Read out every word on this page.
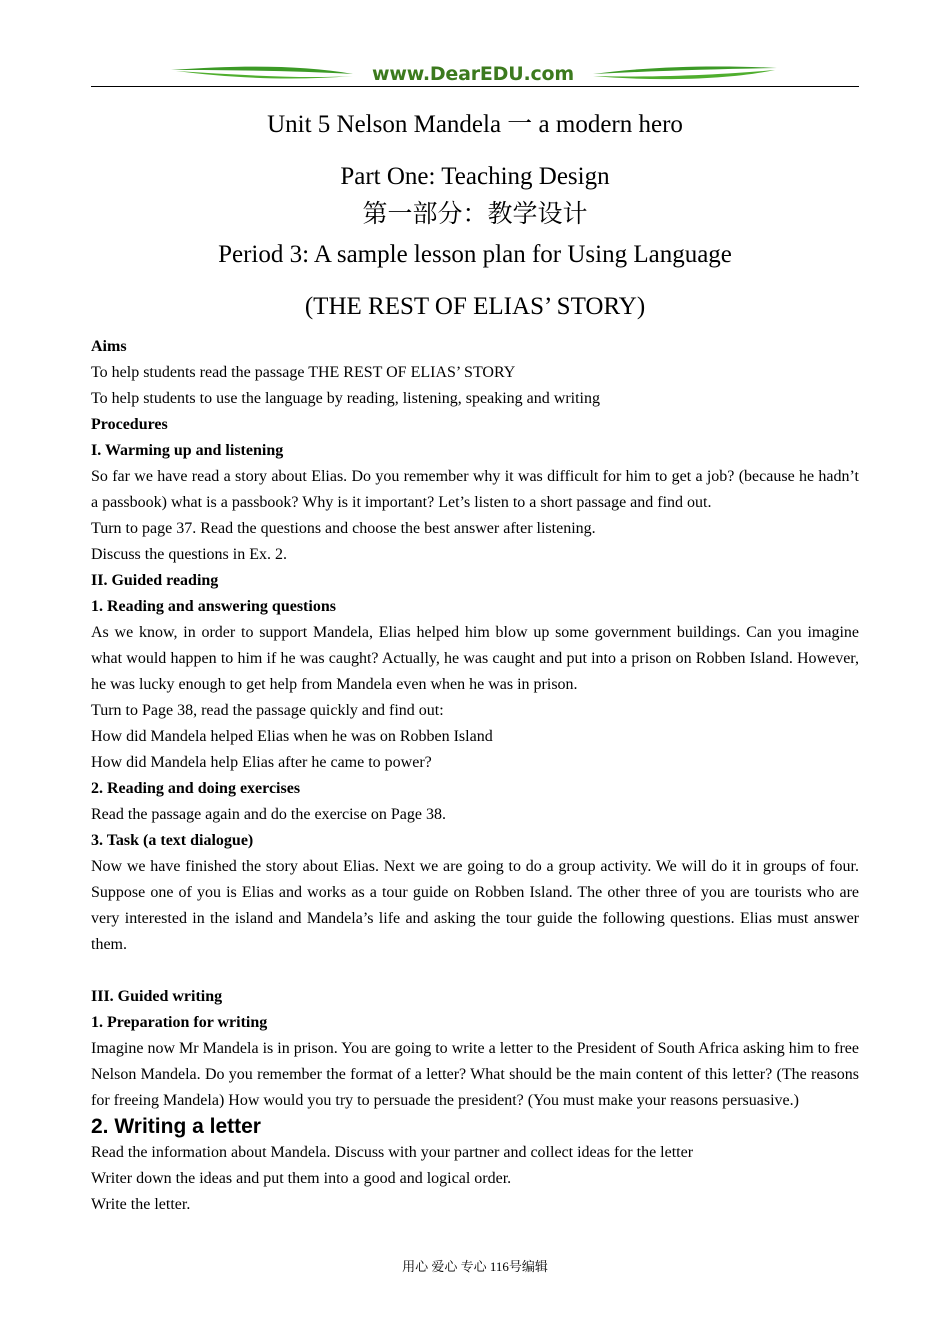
www.DearEDU.com
Unit 5 Nelson Mandela 一 a modern hero
Part One: Teaching Design
第一部分：教学设计
Period 3: A sample lesson plan for Using Language
(THE REST OF ELIAS’ STORY)

Aims

To help students read the passage THE REST OF ELIAS’ STORY

To help students to use the language by reading, listening, speaking and writing

Procedures

I. Warming up and listening

So far we have read a story about Elias. Do you remember why it was difficult for him to get a job? (because he hadn’t a passbook) what is a passbook? Why is it important? Let’s listen to a short passage and find out.

Turn to page 37. Read the questions and choose the best answer after listening.

Discuss the questions in Ex. 2.

II. Guided reading

1. Reading and answering questions

As we know, in order to support Mandela, Elias helped him blow up some government buildings. Can you imagine what would happen to him if he was caught? Actually, he was caught and put into a prison on Robben Island. However, he was lucky enough to get help from Mandela even when he was in prison.

Turn to Page 38, read the passage quickly and find out:

How did Mandela helped Elias when he was on Robben Island

How did Mandela help Elias after he came to power?

2. Reading and doing exercises

Read the passage again and do the exercise on Page 38.

3. Task (a text dialogue)

Now we have finished the story about Elias. Next we are going to do a group activity. We will do it in groups of four. Suppose one of you is Elias and works as a tour guide on Robben Island. The other three of you are tourists who are very interested in the island and Mandela’s life and asking the tour guide the following questions. Elias must answer them.

III. Guided writing

1. Preparation for writing

Imagine now Mr Mandela is in prison. You are going to write a letter to the President of South Africa asking him to free Nelson Mandela. Do you remember the format of a letter? What should be the main content of this letter? (The reasons for freeing Mandela) How would you try to persuade the president? (You must make your reasons persuasive.)

2. Writing a letter

Read the information about Mandela. Discuss with your partner and collect ideas for the letter

Writer down the ideas and put them into a good and logical order.

Write the letter.

用心 爱心 专心 116号编辑
